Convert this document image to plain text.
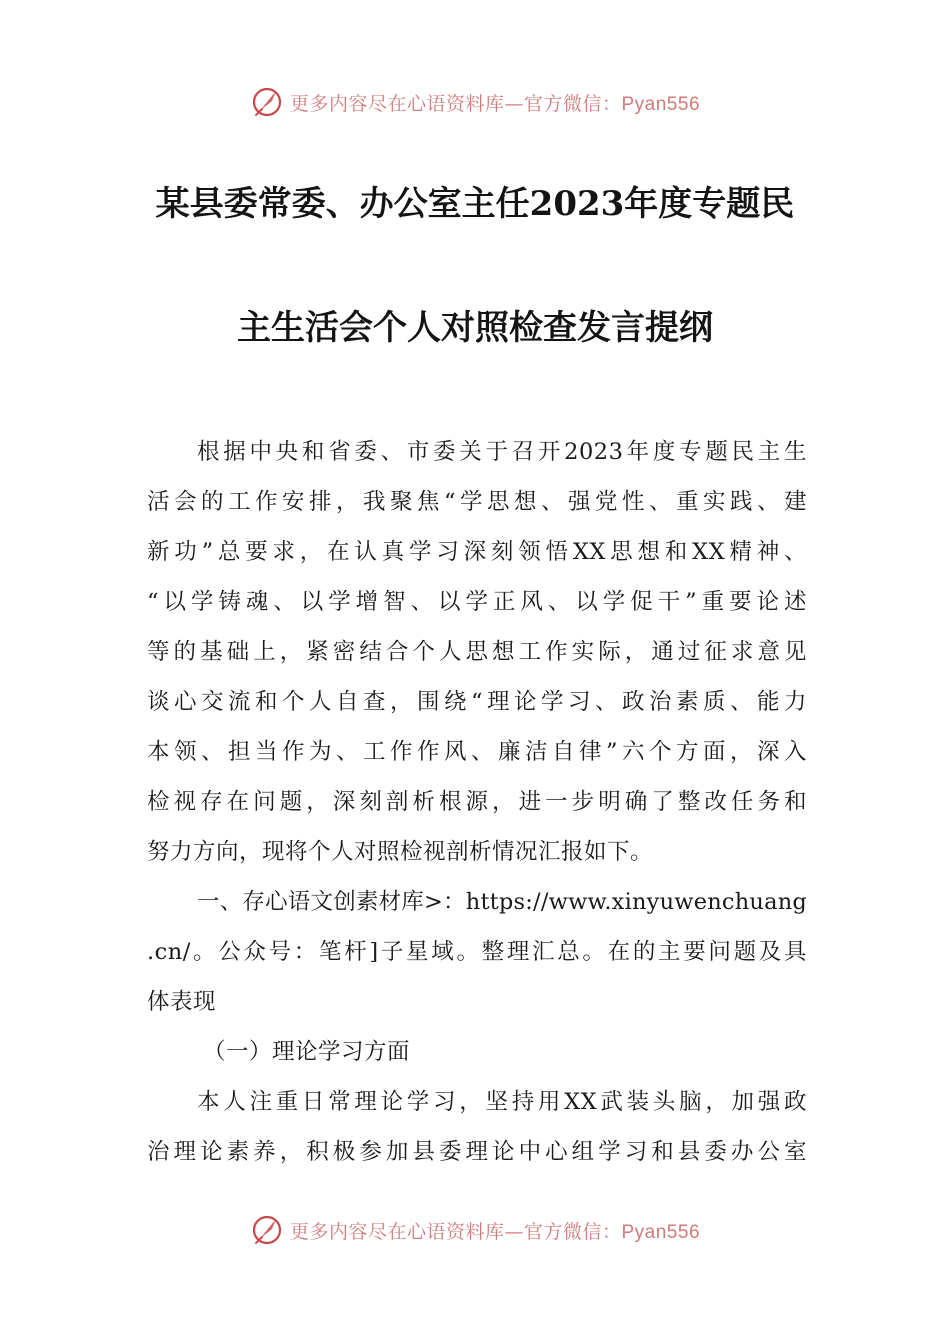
更多内容尽在心语资料库—官方微信：Pyan556
某县委常委、办公室主任2023年度专题民
主生活会个人对照检查发言提纲
根据中央和省委、市委关于召开2023年度专题民主生
活会的工作安排，我聚焦“学思想、强党性、重实践、建
新功”总要求，在认真学习深刻领悟XX思想和XX精神、
“以学铸魂、以学增智、以学正风、以学促干”重要论述
等的基础上，紧密结合个人思想工作实际，通过征求意见
谈心交流和个人自查，围绕“理论学习、政治素质、能力
本领、担当作为、工作作风、廉洁自律”六个方面，深入
检视存在问题，深刻剖析根源，进一步明确了整改任务和
努力方向，现将个人对照检视剖析情况汇报如下。
一、存心语文创素材库>：https://www.xinyuwenchuang
.cn/。公众号：笔杆]子星域。整理汇总。在的主要问题及具
体表现
（一）理论学习方面
本人注重日常理论学习，坚持用XX武装头脑，加强政
治理论素养，积极参加县委理论中心组学习和县委办公室
更多内容尽在心语资料库—官方微信：Pyan556
